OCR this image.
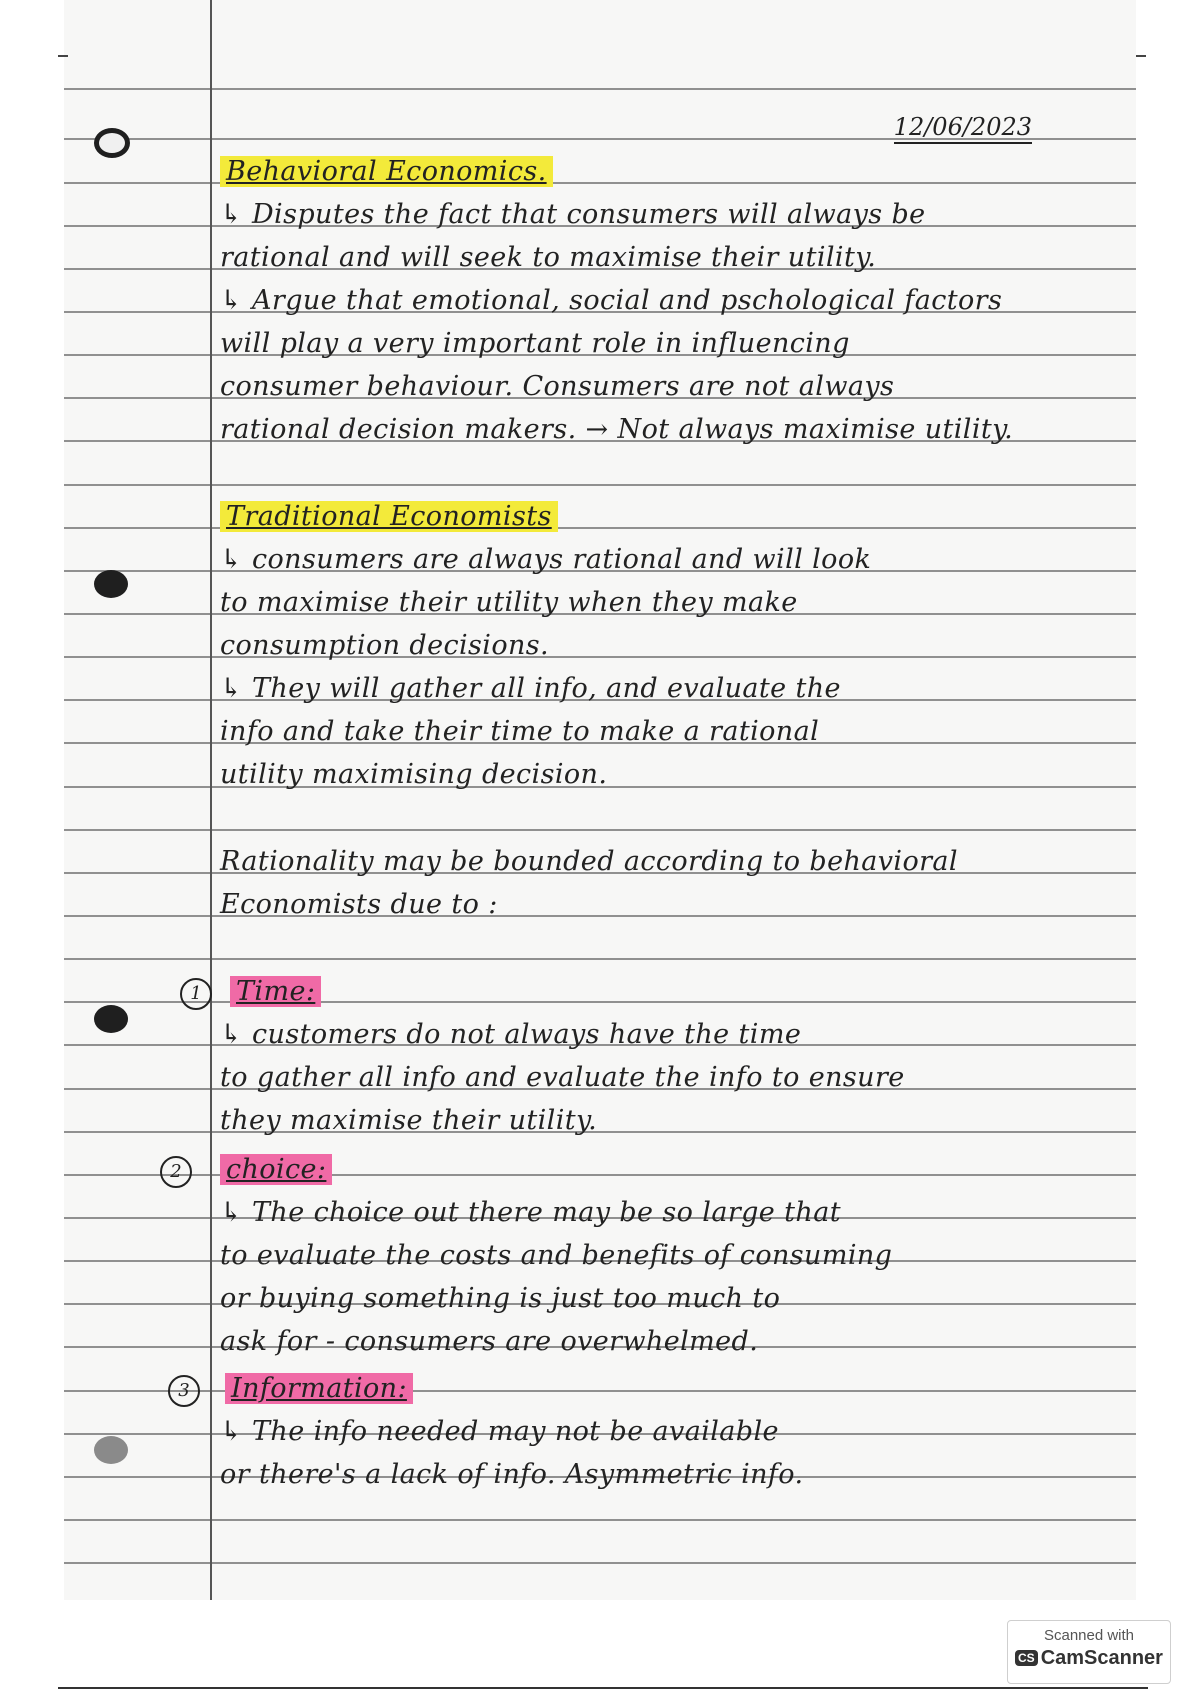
12/06/2023
Behavioral Economics.
↳ Disputes the fact that consumers will always be
rational and will seek to maximise their utility.
↳ Argue that emotional, social and pschological factors
will play a very important role in influencing
consumer behaviour. Consumers are not always
rational decision makers. → Not always maximise utility.
Traditional Economists
↳ consumers are always rational and will look
to maximise their utility when they make
consumption decisions.
↳ They will gather all info, and evaluate the
info and take their time to make a rational
utility maximising decision.
Rationality may be bounded according to behavioral
Economists due to :
1	Time:
↳ customers do not always have the time
to gather all info and evaluate the info to ensure
they maximise their utility.
2	choice:
↳ The choice out there may be so large that
to evaluate the costs and benefits of consuming
or buying something is just too much to
ask for - consumers are overwhelmed.
3	Information:
↳ The info needed may not be available
or there's a lack of info. Asymmetric info.
Scanned with
CS CamScanner
